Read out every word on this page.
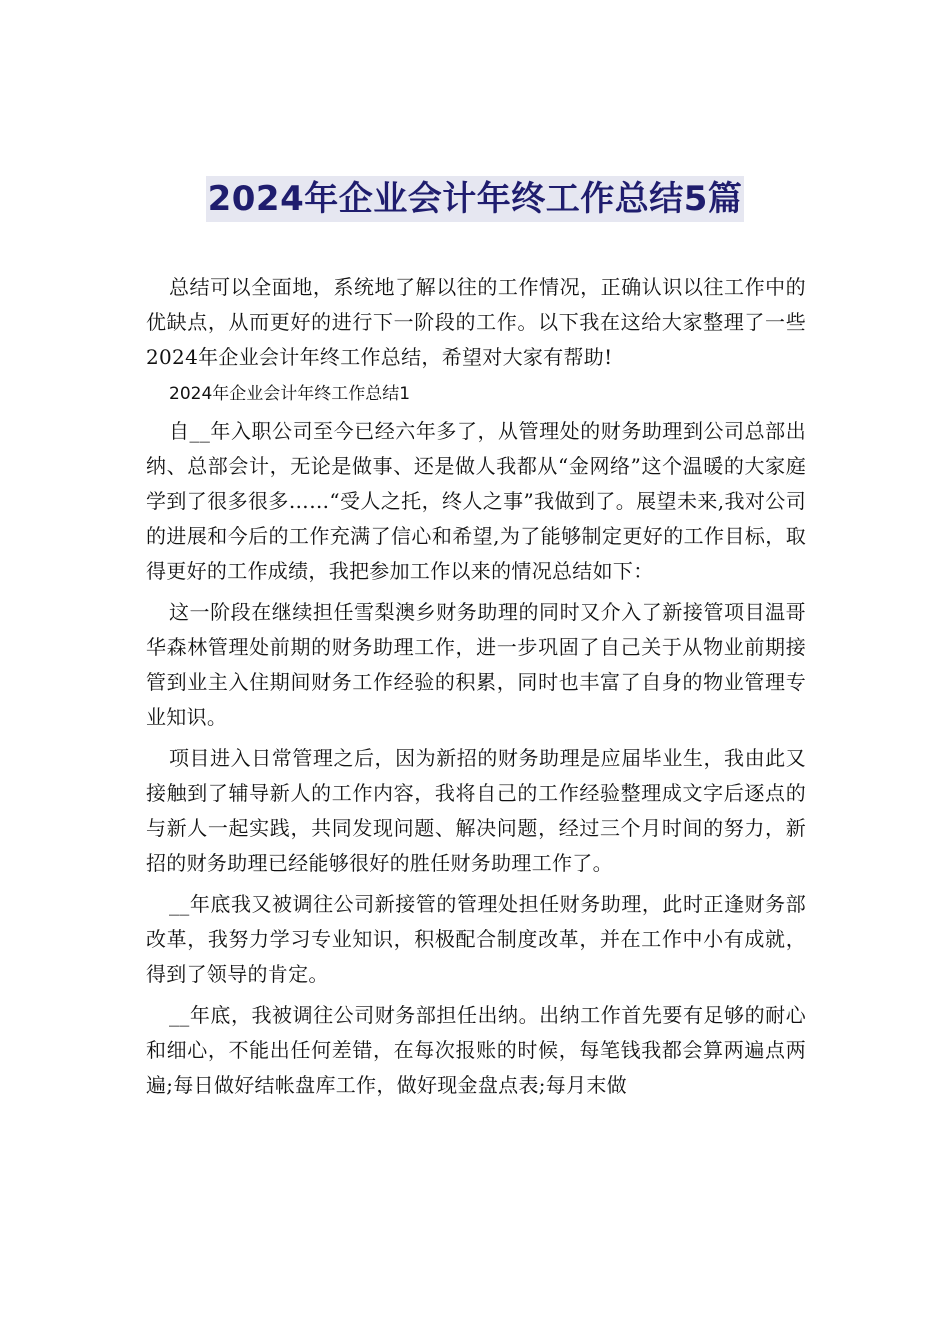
2024年企业会计年终工作总结5篇

总结可以全面地，系统地了解以往的工作情况，正确认识以往工作中的优缺点，从而更好的进行下一阶段的工作。以下我在这给大家整理了一些2024年企业会计年终工作总结，希望对大家有帮助!

2024年企业会计年终工作总结1

自__年入职公司至今已经六年多了，从管理处的财务助理到公司总部出纳、总部会计，无论是做事、还是做人我都从“金网络”这个温暖的大家庭学到了很多很多……“受人之托，终人之事”我做到了。展望未来,我对公司的进展和今后的工作充满了信心和希望,为了能够制定更好的工作目标，取得更好的工作成绩，我把参加工作以来的情况总结如下：

这一阶段在继续担任雪梨澳乡财务助理的同时又介入了新接管项目温哥华森林管理处前期的财务助理工作，进一步巩固了自己关于从物业前期接管到业主入住期间财务工作经验的积累，同时也丰富了自身的物业管理专业知识。

项目进入日常管理之后，因为新招的财务助理是应届毕业生，我由此又接触到了辅导新人的工作内容，我将自己的工作经验整理成文字后逐点的与新人一起实践，共同发现问题、解决问题，经过三个月时间的努力，新招的财务助理已经能够很好的胜任财务助理工作了。

__年底我又被调往公司新接管的管理处担任财务助理，此时正逢财务部改革，我努力学习专业知识，积极配合制度改革，并在工作中小有成就，得到了领导的肯定。

__年底，我被调往公司财务部担任出纳。出纳工作首先要有足够的耐心和细心，不能出任何差错，在每次报账的时候，每笔钱我都会算两遍点两遍;每日做好结帐盘库工作，做好现金盘点表;每月末做
